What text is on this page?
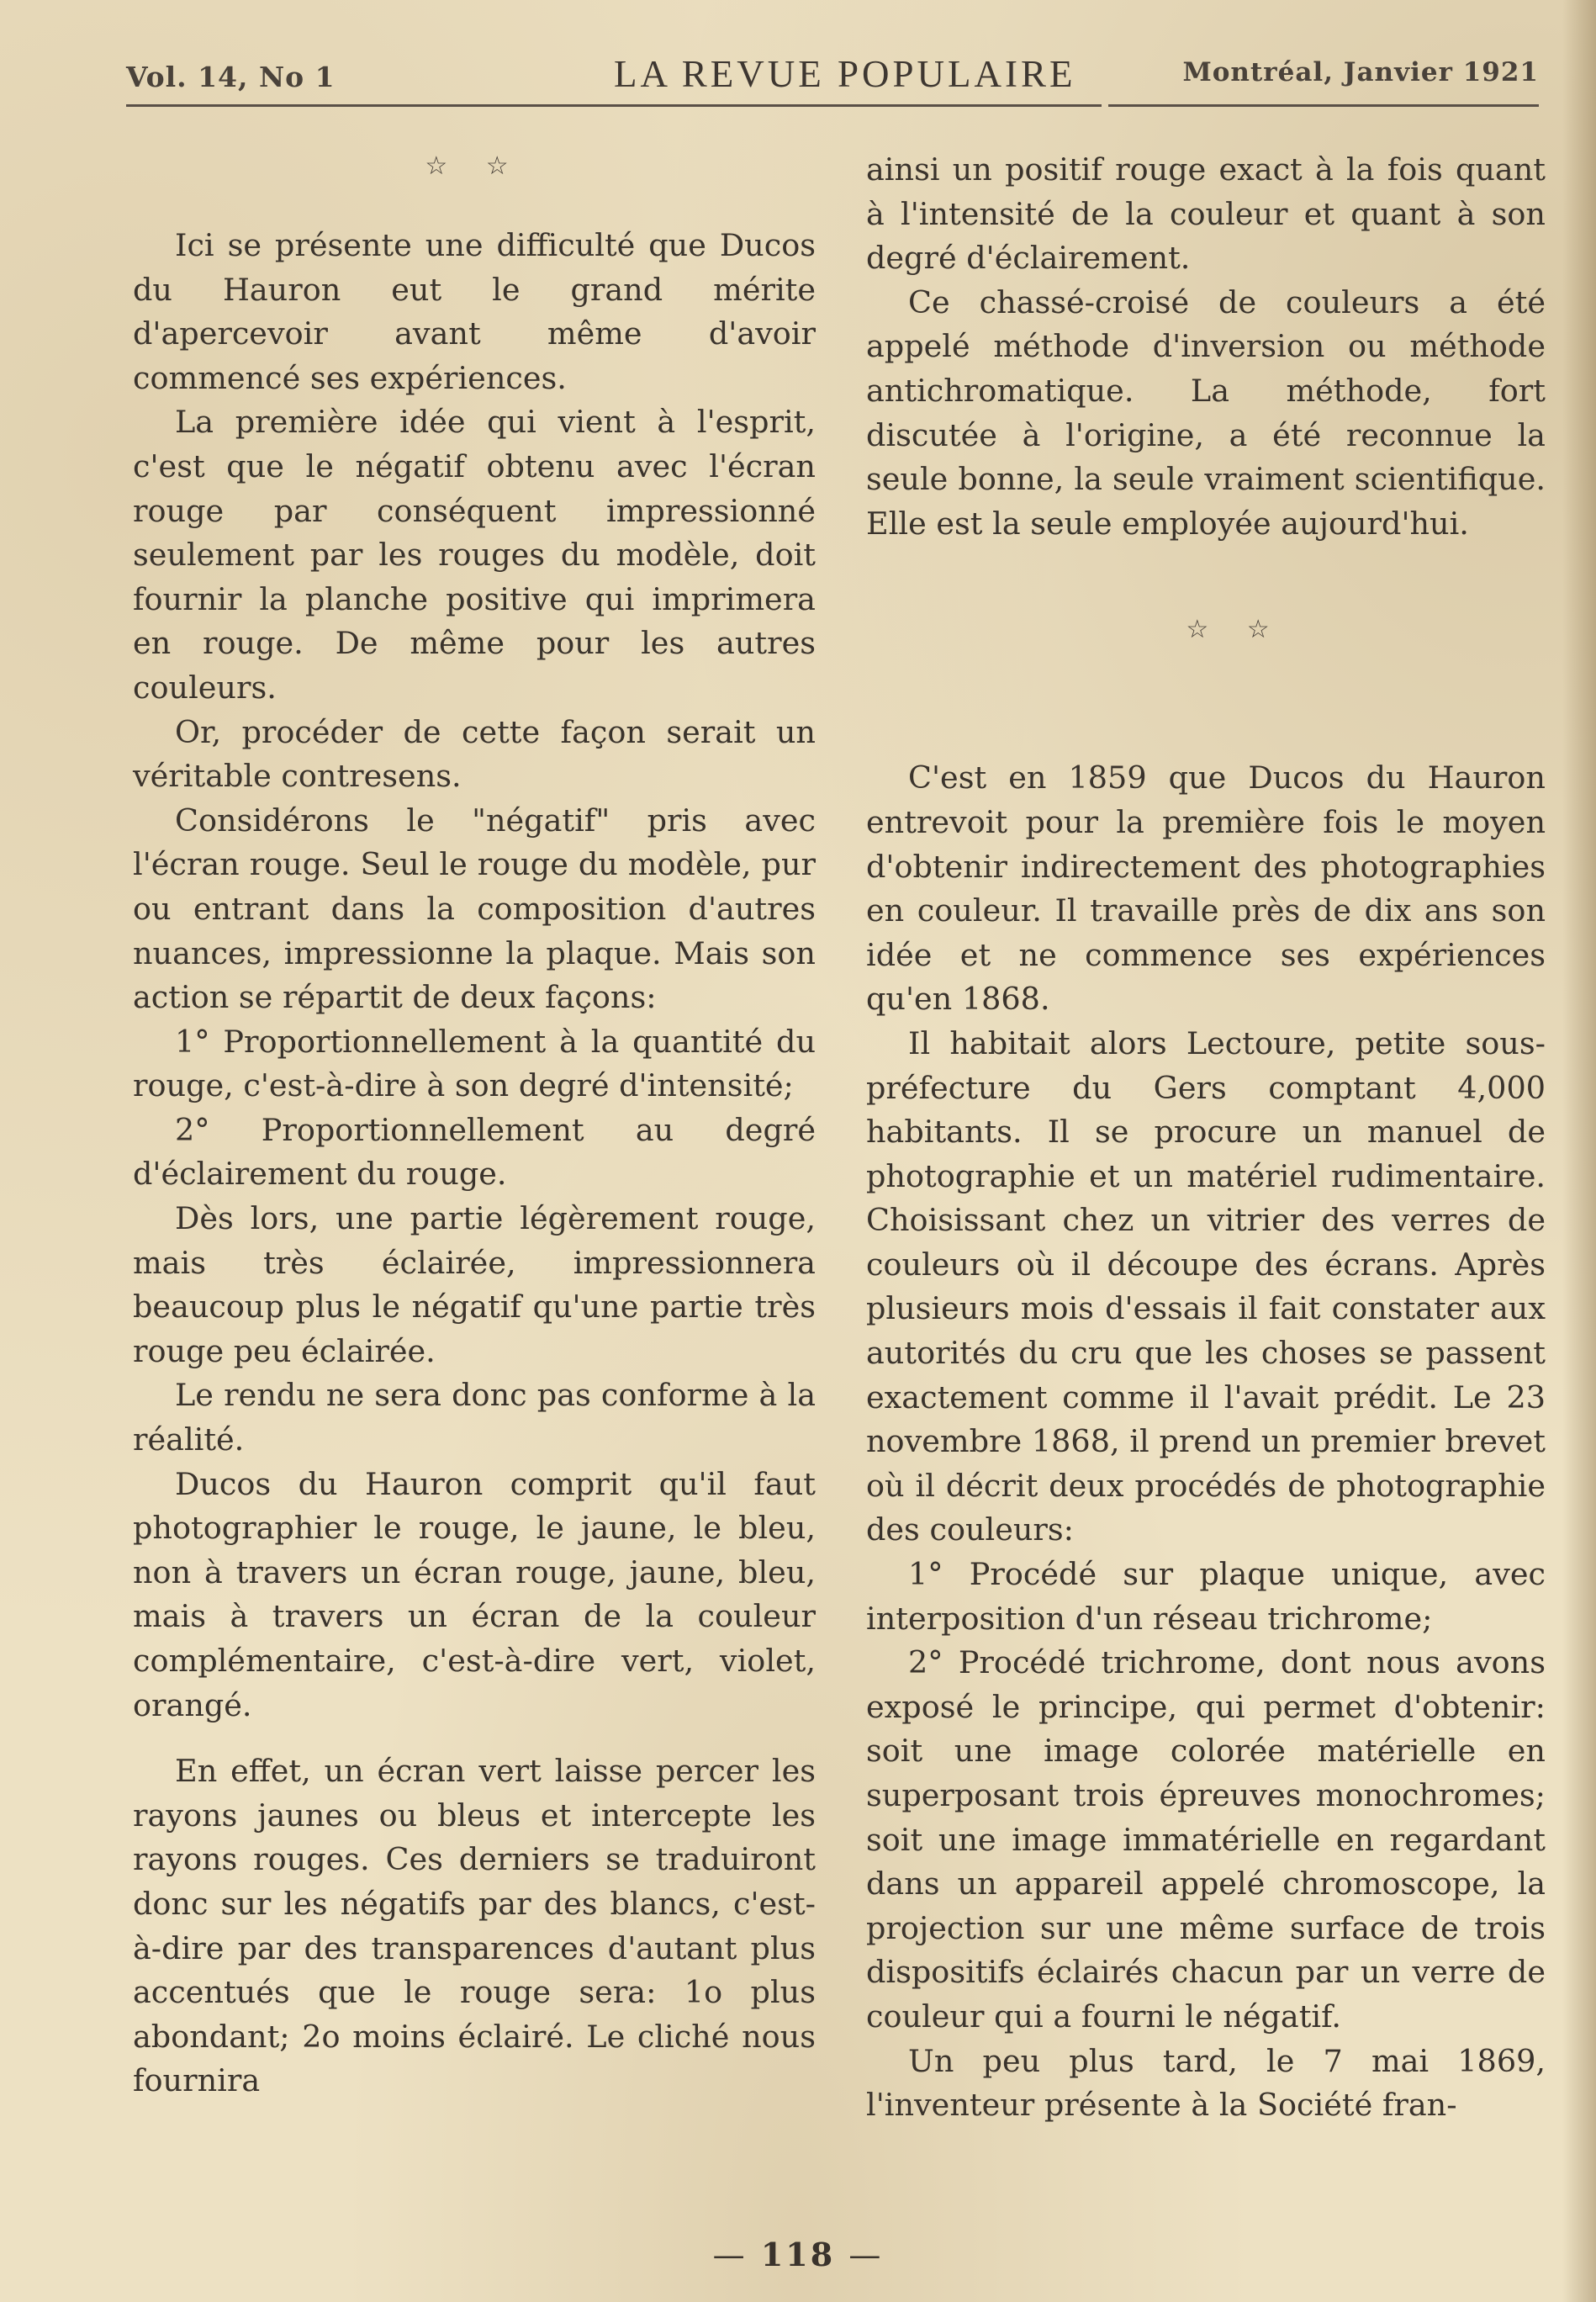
Vol. 14, No 1	LA REVUE POPULAIRE	Montréal, Janvier 1921
☆ ☆

Ici se présente une difficulté que Ducos du Hauron eut le grand mérite d'apercevoir avant même d'avoir commencé ses expériences.

La première idée qui vient à l'esprit, c'est que le négatif obtenu avec l'écran rouge par conséquent impressionné seulement par les rouges du modèle, doit fournir la planche positive qui imprimera en rouge. De même pour les autres couleurs.

Or, procéder de cette façon serait un véritable contresens.

Considérons le "négatif" pris avec l'écran rouge. Seul le rouge du modèle, pur ou entrant dans la composition d'autres nuances, impressionne la plaque. Mais son action se répartit de deux façons:

1° Proportionnellement à la quantité du rouge, c'est-à-dire à son degré d'intensité;

2° Proportionnellement au degré d'éclairement du rouge.

Dès lors, une partie légèrement rouge, mais très éclairée, impressionnera beaucoup plus le négatif qu'une partie très rouge peu éclairée.

Le rendu ne sera donc pas conforme à la réalité.

Ducos du Hauron comprit qu'il faut photographier le rouge, le jaune, le bleu, non à travers un écran rouge, jaune, bleu, mais à travers un écran de la couleur complémentaire, c'est-à-dire vert, violet, orangé.

En effet, un écran vert laisse percer les rayons jaunes ou bleus et intercepte les rayons rouges. Ces derniers se traduiront donc sur les négatifs par des blancs, c'est-à-dire par des transparences d'autant plus accentués que le rouge sera: 1o plus abondant; 2o moins éclairé. Le cliché nous fournira

ainsi un positif rouge exact à la fois quant à l'intensité de la couleur et quant à son degré d'éclairement.

Ce chassé-croisé de couleurs a été appelé méthode d'inversion ou méthode antichromatique. La méthode, fort discutée à l'origine, a été reconnue la seule bonne, la seule vraiment scientifique. Elle est la seule employée aujourd'hui.

☆ ☆

C'est en 1859 que Ducos du Hauron entrevoit pour la première fois le moyen d'obtenir indirectement des photographies en couleur. Il travaille près de dix ans son idée et ne commence ses expériences qu'en 1868.

Il habitait alors Lectoure, petite sous-préfecture du Gers comptant 4,000 habitants. Il se procure un manuel de photographie et un matériel rudimentaire. Choisissant chez un vitrier des verres de couleurs où il découpe des écrans. Après plusieurs mois d'essais il fait constater aux autorités du cru que les choses se passent exactement comme il l'avait prédit. Le 23 novembre 1868, il prend un premier brevet où il décrit deux procédés de photographie des couleurs:

1° Procédé sur plaque unique, avec interposition d'un réseau trichrome;

2° Procédé trichrome, dont nous avons exposé le principe, qui permet d'obtenir: soit une image colorée matérielle en superposant trois épreuves monochromes; soit une image immatérielle en regardant dans un appareil appelé chromoscope, la projection sur une même surface de trois dispositifs éclairés chacun par un verre de couleur qui a fourni le négatif.

Un peu plus tard, le 7 mai 1869, l'inventeur présente à la Société fran-

— 118 —
